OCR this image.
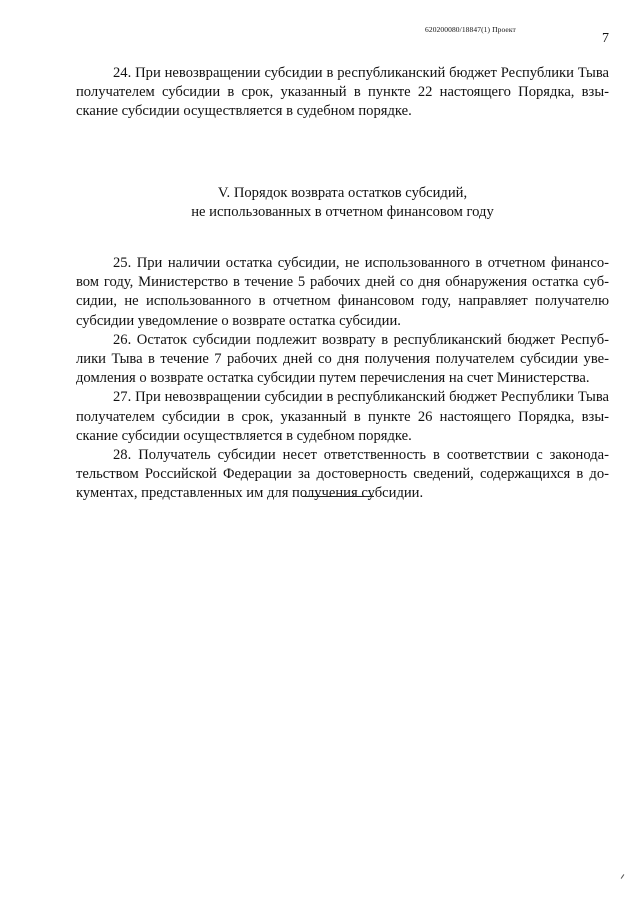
620200080/18847(1) Проект
7

24. При невозвращении субсидии в республиканский бюджет Республики Тыва получателем субсидии в срок, указанный в пункте 22 настоящего Порядка, взыскание субсидии осуществляется в судебном порядке.

V. Порядок возврата остатков субсидий,
не использованных в отчетном финансовом году

25. При наличии остатка субсидии, не использованного в отчетном финансовом году, Министерство в течение 5 рабочих дней со дня обнаружения остатка субсидии, не использованного в отчетном финансовом году, направляет получателю субсидии уведомление о возврате остатка субсидии.

26. Остаток субсидии подлежит возврату в республиканский бюджет Республики Тыва в течение 7 рабочих дней со дня получения получателем субсидии уведомления о возврате остатка субсидии путем перечисления на счет Министерства.

27. При невозвращении субсидии в республиканский бюджет Республики Тыва получателем субсидии в срок, указанный в пункте 26 настоящего Порядка, взыскание субсидии осуществляется в судебном порядке.

28. Получатель субсидии несет ответственность в соответствии с законодательством Российской Федерации за достоверность сведений, содержащихся в документах, представленных им для получения субсидии.
